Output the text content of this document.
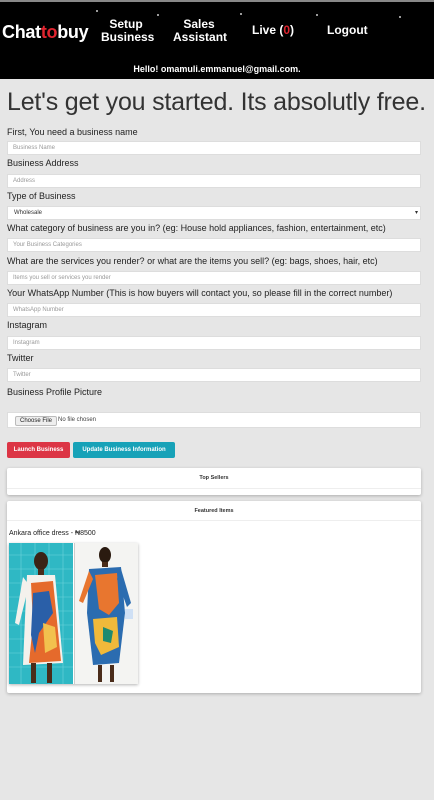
Chattobuy	Setup
Business
Sales
Assistant Live (0)	Logout
Hello! omamuli.emmanuel@gmail.com.
Let's get you started. Its absolutly free.
First, You need a business name
Business Name
Business Address
Address
Type of Business
Wholesale	▾
What category of business are you in? (eg: House hold appliances, fashion, entertainment, etc)
Your Business Categories
What are the services you render? or what are the items you sell? (eg: bags, shoes, hair, etc)
Items you sell or services you render
Your WhatsApp Number (This is how buyers will contact you, so please fill in the correct number)
WhatsApp Number
Instagram
Instagram
Twitter
Twitter
Business Profile Picture
Choose File No file chosen
Launch Business	Update Business Information
Top Sellers
Featured Items
Ankara office dress - ₦8500
